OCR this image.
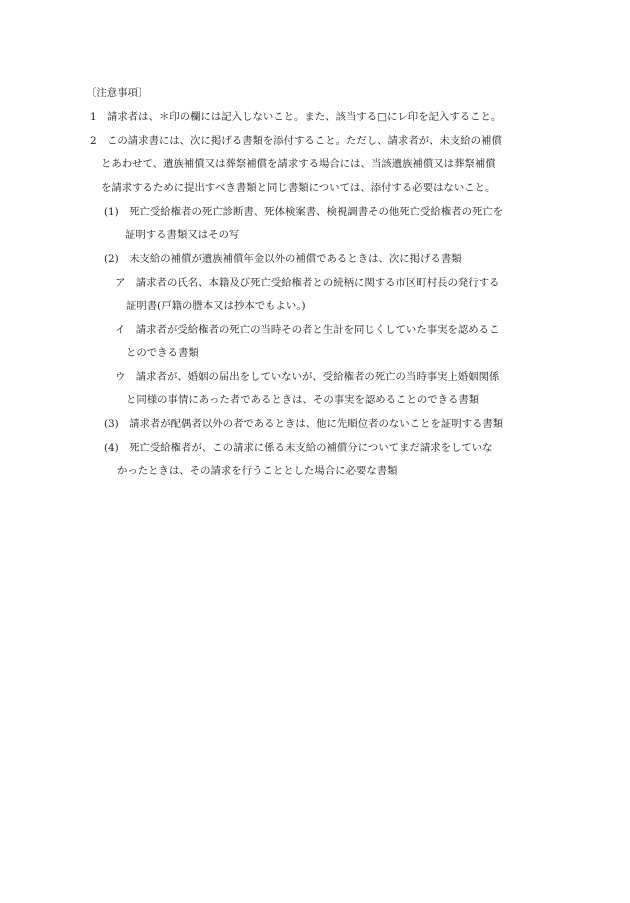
〔注意事項〕
1　請求者は、＊印の欄には記入しないこと。また、該当する□にレ印を記入すること。
2　この請求書には、次に掲げる書類を添付すること。ただし、請求者が、未支給の補償
とあわせて、遺族補償又は葬祭補償を請求する場合には、当該遺族補償又は葬祭補償
を請求するために提出すべき書類と同じ書類については、添付する必要はないこと。
(1)　死亡受給権者の死亡診断書、死体検案書、検視調書その他死亡受給権者の死亡を
証明する書類又はその写
(2)　未支給の補償が遺族補償年金以外の補償であるときは、次に掲げる書類
ア　請求者の氏名、本籍及び死亡受給権者との続柄に関する市区町村長の発行する
証明書(戸籍の謄本又は抄本でもよい。)
イ　請求者が受給権者の死亡の当時その者と生計を同じくしていた事実を認めるこ
とのできる書類
ウ　請求者が、婚姻の届出をしていないが、受給権者の死亡の当時事実上婚姻関係
と同様の事情にあった者であるときは、その事実を認めることのできる書類
(3)　請求者が配偶者以外の者であるときは、他に先順位者のないことを証明する書類
(4)　死亡受給権者が、この請求に係る未支給の補償分についてまだ請求をしていな
かったときは、その請求を行うこととした場合に必要な書類
